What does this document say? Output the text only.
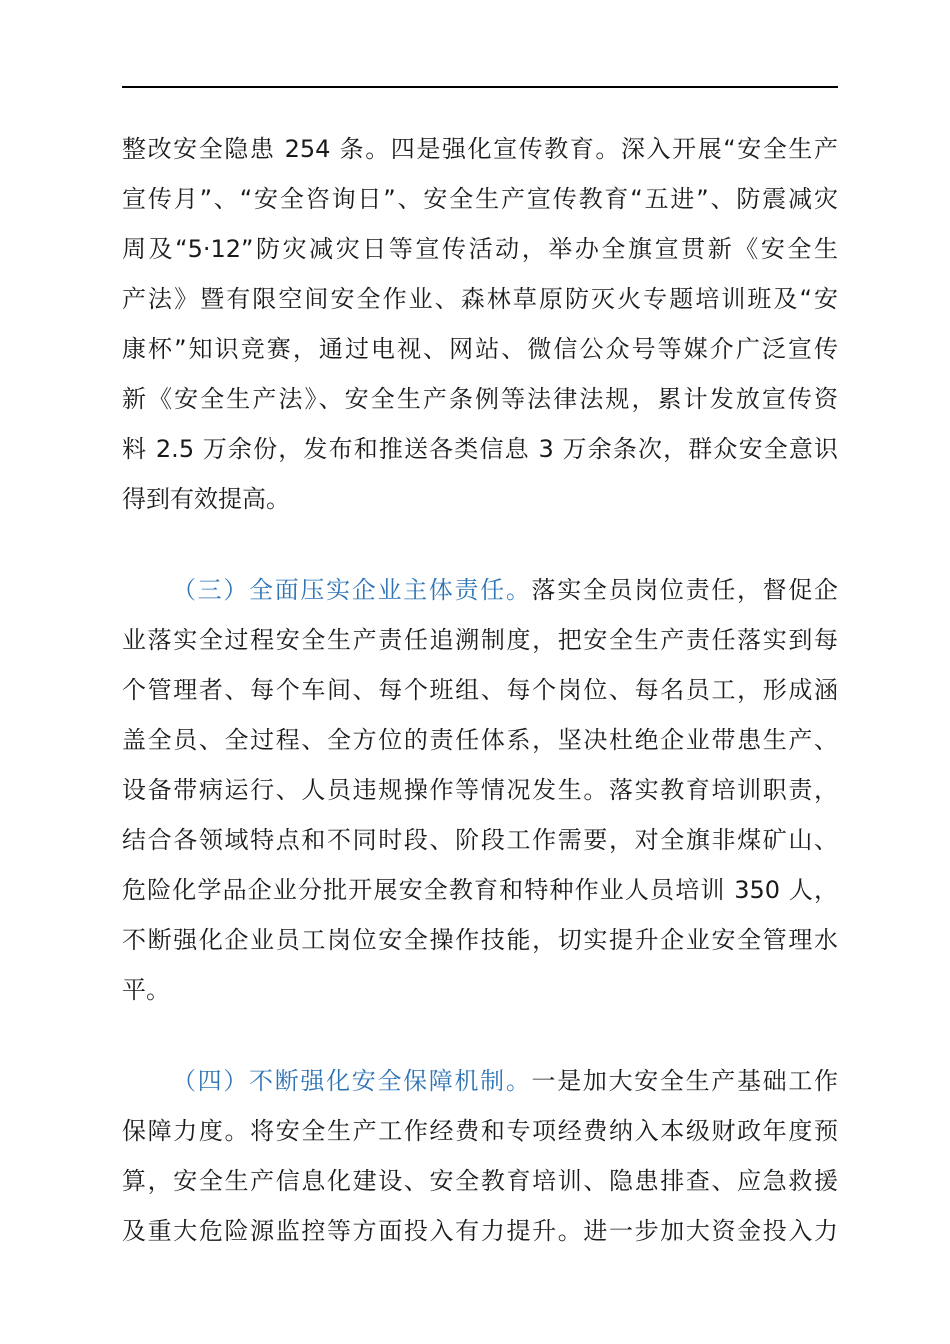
整改安全隐患 254 条。四是强化宣传教育。深入开展“安全生产
宣传月”、“安全咨询日”、安全生产宣传教育“五进”、防震减灾
周及“5·12”防灾减灾日等宣传活动，举办全旗宣贯新《安全生
产法》暨有限空间安全作业、森林草原防灭火专题培训班及“安
康杯”知识竞赛，通过电视、网站、微信公众号等媒介广泛宣传
新《安全生产法》、安全生产条例等法律法规，累计发放宣传资
料 2.5 万余份，发布和推送各类信息 3 万余条次，群众安全意识
得到有效提高。
（三）全面压实企业主体责任。落实全员岗位责任，督促企
业落实全过程安全生产责任追溯制度，把安全生产责任落实到每
个管理者、每个车间、每个班组、每个岗位、每名员工，形成涵
盖全员、全过程、全方位的责任体系，坚决杜绝企业带患生产、
设备带病运行、人员违规操作等情况发生。落实教育培训职责，
结合各领域特点和不同时段、阶段工作需要，对全旗非煤矿山、
危险化学品企业分批开展安全教育和特种作业人员培训 350 人，
不断强化企业员工岗位安全操作技能，切实提升企业安全管理水
平。
（四）不断强化安全保障机制。一是加大安全生产基础工作
保障力度。将安全生产工作经费和专项经费纳入本级财政年度预
算，安全生产信息化建设、安全教育培训、隐患排查、应急救援
及重大危险源监控等方面投入有力提升。进一步加大资金投入力
